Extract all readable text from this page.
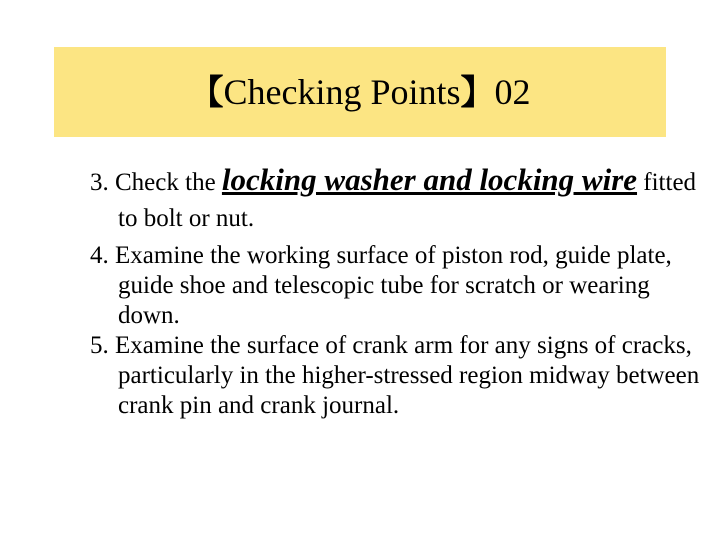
【Checking Points】02

3. Check the locking washer and locking wire fitted to bolt or nut.

4. Examine the working surface of piston rod, guide plate, guide shoe and telescopic tube for scratch or wearing down.

5. Examine the surface of crank arm for any signs of cracks, particularly in the higher-stressed region midway between crank pin and crank journal.
